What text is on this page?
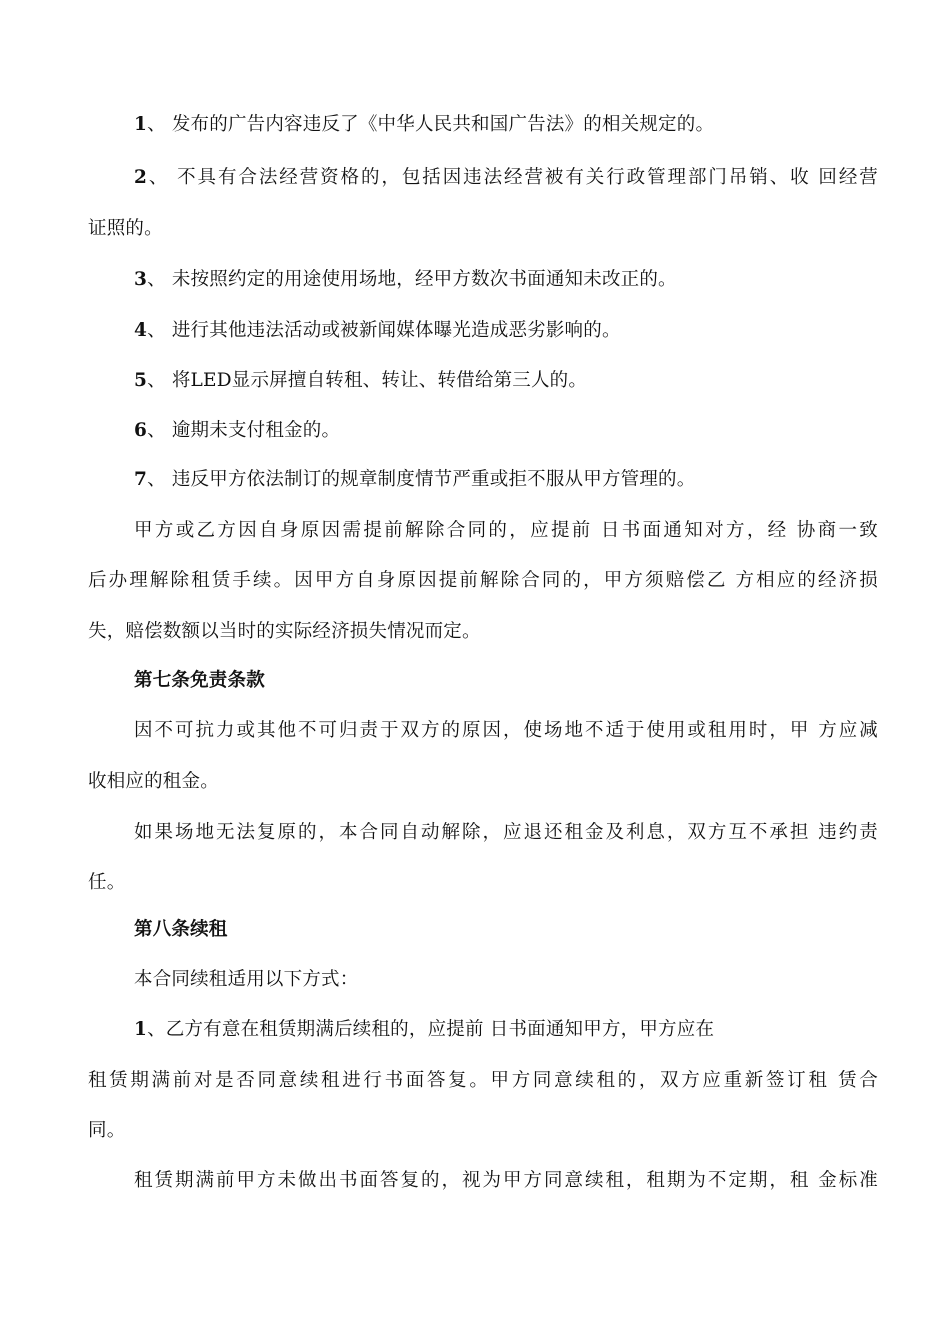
1、 发布的广告内容违反了《中华人民共和国广告法》的相关规定的。
2、 不具有合法经营资格的，包括因违法经营被有关行政管理部门吊销、收 回经营
证照的。
3、 未按照约定的用途使用场地，经甲方数次书面通知未改正的。
4、 进行其他违法活动或被新闻媒体曝光造成恶劣影响的。
5、 将LED显示屏擅自转租、转让、转借给第三人的。
6、 逾期未支付租金的。
7、 违反甲方依法制订的规章制度情节严重或拒不服从甲方管理的。
甲方或乙方因自身原因需提前解除合同的，应提前 日书面通知对方，经 协商一致
后办理解除租赁手续。因甲方自身原因提前解除合同的，甲方须赔偿乙 方相应的经济损
失，赔偿数额以当时的实际经济损失情况而定。
第七条免责条款
因不可抗力或其他不可归责于双方的原因，使场地不适于使用或租用时，甲 方应减
收相应的租金。
如果场地无法复原的，本合同自动解除，应退还租金及利息，双方互不承担 违约责
任。
第八条续租
本合同续租适用以下方式：
1、乙方有意在租赁期满后续租的，应提前 日书面通知甲方，甲方应在
租赁期满前对是否同意续租进行书面答复。甲方同意续租的，双方应重新签订租 赁合
同。
租赁期满前甲方未做出书面答复的，视为甲方同意续租，租期为不定期，租 金标准
